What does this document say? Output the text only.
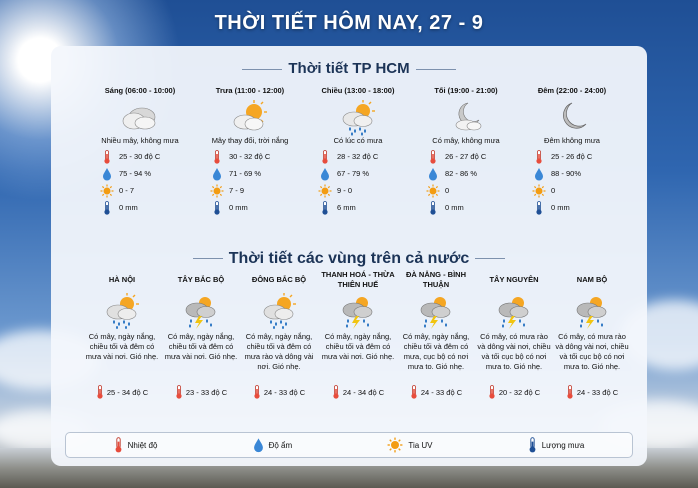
THỜI TIẾT HÔM NAY, 27 - 9
Thời tiết TP HCM
Sáng (06:00 - 10:00)
Nhiều mây, không mưa
25 - 30 độ C
75 - 94 %
0 - 7
0 mm
Trưa (11:00 - 12:00)
Mây thay đổi, trời nắng
30 - 32 độ C
71 - 69 %
7 - 9
0 mm
Chiều (13:00 - 18:00)
Có lúc có mưa
28 - 32 độ C
67 - 79 %
9 - 0
6 mm
Tối (19:00 - 21:00)
Có mây, không mưa
26 - 27 độ C
82 - 86 %
0
0 mm
Đêm (22:00 - 24:00)
Đêm không mưa
25 - 26 độ C
88 - 90%
0
0 mm
Thời tiết các vùng trên cả nước
HÀ NỘI
Có mây, ngày nắng, chiều tối và đêm có mưa vài nơi. Gió nhẹ.
25 - 34 độ C
TÂY BẮC BỘ
Có mây, ngày nắng, chiều tối và đêm có mưa vài nơi. Gió nhẹ.
23 - 33 độ C
ĐÔNG BẮC BỘ
Có mây, ngày nắng, chiều tối và đêm có mưa rào và dông vài nơi. Gió nhẹ.
24 - 33 độ C
THANH HOÁ - THỪA THIÊN HUẾ
Có mây, ngày nắng, chiều tối và đêm có mưa vài nơi. Gió nhẹ.
24 - 34 độ C
ĐÀ NẴNG - BÌNH THUẬN
Có mây, ngày nắng, chiều tối và đêm có mưa, cục bộ có nơi mưa to. Gió nhẹ.
24 - 33 độ C
TÂY NGUYÊN
Có mây, có mưa rào và dông vài nơi, chiều và tối cục bộ có nơi mưa to. Gió nhẹ.
20 - 32 độ C
NAM BỘ
Có mây, có mưa rào và dông vài nơi, chiều và tối cục bộ có nơi mưa to. Gió nhẹ.
24 - 33 độ C
Nhiệt độ	Độ ẩm	Tia UV	Lượng mưa
